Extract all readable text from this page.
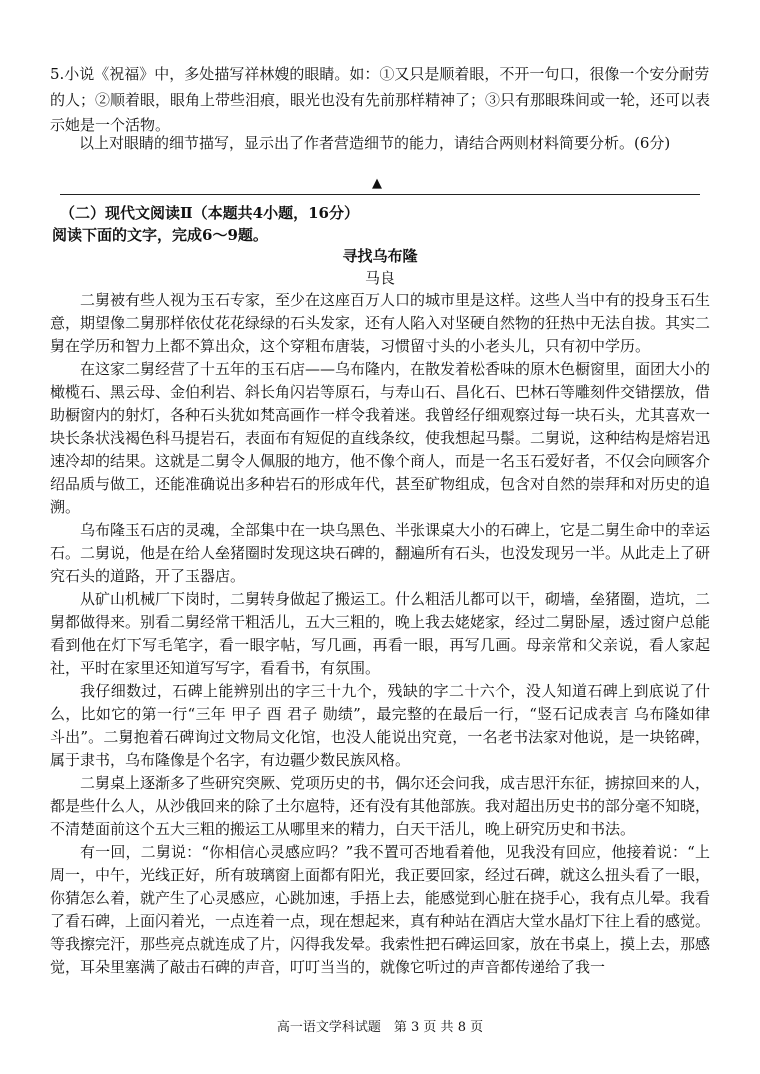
5.小说《祝福》中，多处描写祥林嫂的眼睛。如：①又只是顺着眼，不开一句口，很像一个安分耐劳的人；②顺着眼，眼角上带些泪痕，眼光也没有先前那样精神了；③只有那眼珠间或一轮，还可以表示她是一个活物。
以上对眼睛的细节描写，显示出了作者营造细节的能力，请结合两则材料简要分析。(6分)
▲
（二）现代文阅读Ⅱ（本题共4小题，16分）
阅读下面的文字，完成6～9题。
寻找乌布隆
马良

二舅被有些人视为玉石专家，至少在这座百万人口的城市里是这样。这些人当中有的投身玉石生意，期望像二舅那样依仗花花绿绿的石头发家，还有人陷入对坚硬自然物的狂热中无法自拔。其实二舅在学历和智力上都不算出众，这个穿粗布唐装，习惯留寸头的小老头儿，只有初中学历。

在这家二舅经营了十五年的玉石店——乌布隆内，在散发着松香味的原木色橱窗里，面团大小的橄榄石、黑云母、金伯利岩、斜长角闪岩等原石，与寿山石、昌化石、巴林石等雕刻件交错摆放，借助橱窗内的射灯，各种石头犹如梵高画作一样令我着迷。我曾经仔细观察过每一块石头，尤其喜欢一块长条状浅褐色科马提岩石，表面布有短促的直线条纹，使我想起马鬃。二舅说，这种结构是熔岩迅速冷却的结果。这就是二舅令人佩服的地方，他不像个商人，而是一名玉石爱好者，不仅会向顾客介绍品质与做工，还能准确说出多种岩石的形成年代，甚至矿物组成，包含对自然的崇拜和对历史的追溯。

乌布隆玉石店的灵魂，全部集中在一块乌黑色、半张课桌大小的石碑上，它是二舅生命中的幸运石。二舅说，他是在给人垒猪圈时发现这块石碑的，翻遍所有石头，也没发现另一半。从此走上了研究石头的道路，开了玉器店。

从矿山机械厂下岗时，二舅转身做起了搬运工。什么粗活儿都可以干，砌墙，垒猪圈，造坑，二舅都做得来。别看二舅经常干粗活儿，五大三粗的，晚上我去姥姥家，经过二舅卧屋，透过窗户总能看到他在灯下写毛笔字，看一眼字帖，写几画，再看一眼，再写几画。母亲常和父亲说，看人家起社，平时在家里还知道写写字，看看书，有氛围。

我仔细数过，石碑上能辨别出的字三十九个，残缺的字二十六个，没人知道石碑上到底说了什么，比如它的第一行“三年 甲子 酉 君子 勋绩”，最完整的在最后一行，“竖石记成表言 乌布隆如律 斗出”。二舅抱着石碑询过文物局文化馆，也没人能说出究竟，一名老书法家对他说，是一块铭碑，属于隶书，乌布隆像是个名字，有边疆少数民族风格。

二舅桌上逐渐多了些研究突厥、党项历史的书，偶尔还会问我，成吉思汗东征，掳掠回来的人，都是些什么人，从沙俄回来的除了土尔扈特，还有没有其他部族。我对超出历史书的部分毫不知晓，不清楚面前这个五大三粗的搬运工从哪里来的精力，白天干活儿，晚上研究历史和书法。

有一回，二舅说：“你相信心灵感应吗？”我不置可否地看着他，见我没有回应，他接着说：“上周一，中午，光线正好，所有玻璃窗上面都有阳光，我正要回家，经过石碑，就这么扭头看了一眼，你猜怎么着，就产生了心灵感应，心跳加速，手捂上去，能感觉到心脏在挠手心，我有点儿晕。我看了看石碑，上面闪着光，一点连着一点，现在想起来，真有种站在酒店大堂水晶灯下往上看的感觉。等我擦完汗，那些亮点就连成了片，闪得我发晕。我索性把石碑运回家，放在书桌上，摸上去，那感觉，耳朵里塞满了敲击石碑的声音，叮叮当当的，就像它听过的声音都传递给了我一

高一语文学科试题　第 3 页 共 8 页
